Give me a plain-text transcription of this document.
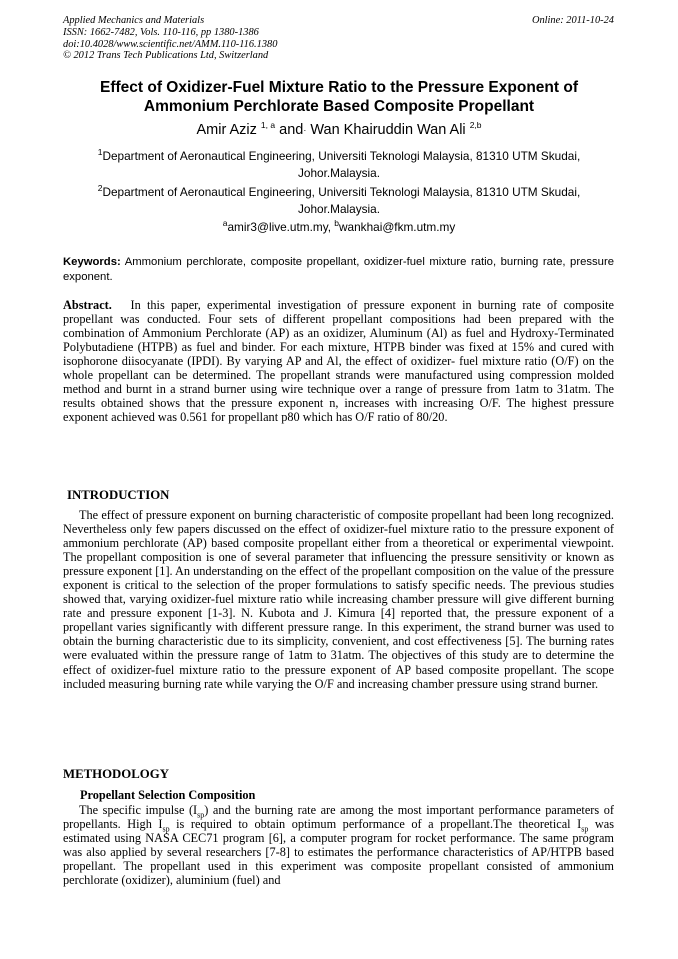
Applied Mechanics and Materials
ISSN: 1662-7482, Vols. 110-116, pp 1380-1386
doi:10.4028/www.scientific.net/AMM.110-116.1380
© 2012 Trans Tech Publications Ltd, Switzerland
Online: 2011-10-24
Effect of Oxidizer-Fuel Mixture Ratio to the Pressure Exponent of
Ammonium Perchlorate Based Composite Propellant
Amir Aziz $^{1, a}$ and· Wan Khairuddin Wan Ali $^{2,b}$
$^1$Department of Aeronautical Engineering, Universiti Teknologi Malaysia, 81310 UTM Skudai, Johor.Malaysia.
$^2$Department of Aeronautical Engineering, Universiti Teknologi Malaysia, 81310 UTM Skudai, Johor.Malaysia.
$^a$amir3@live.utm.my, $^b$wankhai@fkm.utm.my
Keywords: Ammonium perchlorate, composite propellant, oxidizer-fuel mixture ratio, burning rate, pressure exponent.
Abstract. In this paper, experimental investigation of pressure exponent in burning rate of composite propellant was conducted. Four sets of different propellant compositions had been prepared with the combination of Ammonium Perchlorate (AP) as an oxidizer, Aluminum (Al) as fuel and Hydroxy-Terminated Polybutadiene (HTPB) as fuel and binder. For each mixture, HTPB binder was fixed at 15% and cured with isophorone diisocyanate (IPDI). By varying AP and Al, the effect of oxidizer- fuel mixture ratio (O/F) on the whole propellant can be determined. The propellant strands were manufactured using compression molded method and burnt in a strand burner using wire technique over a range of pressure from 1atm to 31atm. The results obtained shows that the pressure exponent n, increases with increasing O/F. The highest pressure exponent achieved was 0.561 for propellant p80 which has O/F ratio of 80/20.
INTRODUCTION
The effect of pressure exponent on burning characteristic of composite propellant had been long recognized. Nevertheless only few papers discussed on the effect of oxidizer-fuel mixture ratio to the pressure exponent of ammonium perchlorate (AP) based composite propellant either from a theoretical or experimental viewpoint. The propellant composition is one of several parameter that influencing the pressure sensitivity or known as pressure exponent [1]. An understanding on the effect of the propellant composition on the value of the pressure exponent is critical to the selection of the proper formulations to satisfy specific needs. The previous studies showed that, varying oxidizer-fuel mixture ratio while increasing chamber pressure will give different burning rate and pressure exponent [1-3]. N. Kubota and J. Kimura [4] reported that, the pressure exponent of a propellant varies significantly with different pressure range. In this experiment, the strand burner was used to obtain the burning characteristic due to its simplicity, convenient, and cost effectiveness [5]. The burning rates were evaluated within the pressure range of 1atm to 31atm. The objectives of this study are to determine the effect of oxidizer-fuel mixture ratio to the pressure exponent of AP based composite propellant. The scope included measuring burning rate while varying the O/F and increasing chamber pressure using strand burner.
METHODOLOGY
Propellant Selection Composition
The specific impulse $(I_{sp})$ and the burning rate are among the most important performance parameters of propellants. High $I_{sp}$ is required to obtain optimum performance of a propellant.The theoretical $I_{sp}$ was estimated using NASA CEC71 program [6], a computer program for rocket performance. The same program was also applied by several researchers [7-8] to estimates the performance characteristics of AP/HTPB based propellant. The propellant used in this experiment was composite propellant consisted of ammonium perchlorate (oxidizer), aluminium (fuel) and
